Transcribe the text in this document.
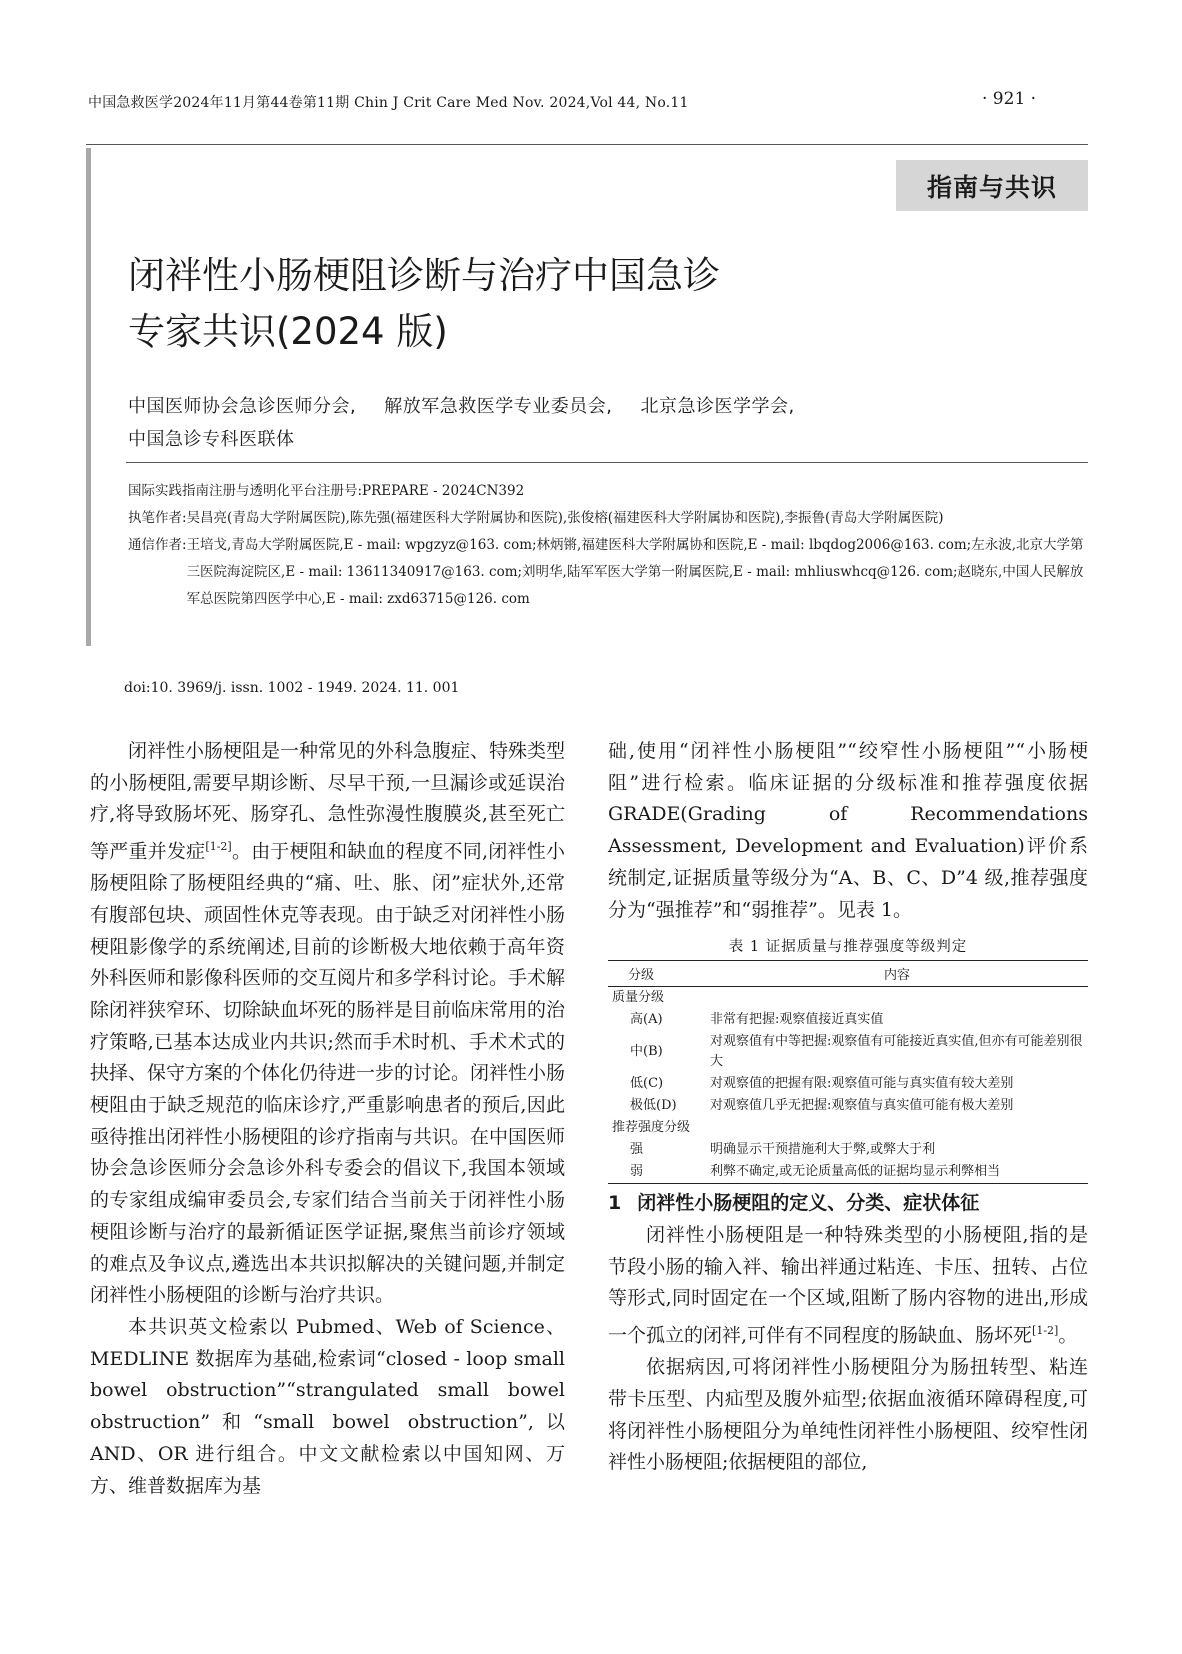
中国急救医学2024年11月第44卷第11期 Chin J Crit Care Med Nov. 2024,Vol 44, No.11	· 921 ·
指南与共识
闭袢性小肠梗阻诊断与治疗中国急诊
专家共识(2024 版)
中国医师协会急诊医师分会, 解放军急救医学专业委员会, 北京急诊医学学会,
中国急诊专科医联体
国际实践指南注册与透明化平台注册号:PREPARE - 2024CN392
执笔作者: 吴昌亮(青岛大学附属医院),陈先强(福建医科大学附属协和医院),张俊榕(福建医科大学附属协和医院),李振鲁(青岛大学附属医院)
通信作者: 王培戈,青岛大学附属医院,E - mail: wpgzyz@163. com;林炳锵,福建医科大学附属协和医院,E - mail: lbqdog2006@163. com;左永波,北京大学第三医院海淀院区,E - mail: 13611340917@163. com;刘明华,陆军军医大学第一附属医院,E - mail: mhliuswhcq@126. com;赵晓东,中国人民解放军总医院第四医学中心,E - mail: zxd63715@126. com
doi:10. 3969/j. issn. 1002 - 1949. 2024. 11. 001

闭袢性小肠梗阻是一种常见的外科急腹症、特殊类型的小肠梗阻,需要早期诊断、尽早干预,一旦漏诊或延误治疗,将导致肠坏死、肠穿孔、急性弥漫性腹膜炎,甚至死亡等严重并发症[1-2]。由于梗阻和缺血的程度不同,闭袢性小肠梗阻除了肠梗阻经典的“痛、吐、胀、闭”症状外,还常有腹部包块、顽固性休克等表现。由于缺乏对闭袢性小肠梗阻影像学的系统阐述,目前的诊断极大地依赖于高年资外科医师和影像科医师的交互阅片和多学科讨论。手术解除闭袢狭窄环、切除缺血坏死的肠袢是目前临床常用的治疗策略,已基本达成业内共识;然而手术时机、手术术式的抉择、保守方案的个体化仍待进一步的讨论。闭袢性小肠梗阻由于缺乏规范的临床诊疗,严重影响患者的预后,因此亟待推出闭袢性小肠梗阻的诊疗指南与共识。在中国医师协会急诊医师分会急诊外科专委会的倡议下,我国本领域的专家组成编审委员会,专家们结合当前关于闭袢性小肠梗阻诊断与治疗的最新循证医学证据,聚焦当前诊疗领域的难点及争议点,遴选出本共识拟解决的关键问题,并制定闭袢性小肠梗阻的诊断与治疗共识。

本共识英文检索以 Pubmed、Web of Science、MEDLINE 数据库为基础,检索词“closed - loop small bowel obstruction”“strangulated small bowel obstruction”和“small bowel obstruction”,以 AND、OR 进行组合。中文文献检索以中国知网、万方、维普数据库为基

础,使用“闭袢性小肠梗阻”“绞窄性小肠梗阻”“小肠梗阻”进行检索。临床证据的分级标准和推荐强度依据 GRADE(Grading of Recommendations Assessment, Development and Evaluation)评价系统制定,证据质量等级分为“A、B、C、D”4 级,推荐强度分为“强推荐”和“弱推荐”。见表 1。

表 1 证据质量与推荐强度等级判定
分级	内容
质量分级	
高(A)	非常有把握:观察值接近真实值
中(B)	对观察值有中等把握:观察值有可能接近真实值,但亦有可能差别很大
低(C)	对观察值的把握有限:观察值可能与真实值有较大差别
极低(D)	对观察值几乎无把握:观察值与真实值可能有极大差别
推荐强度分级	
强	明确显示干预措施利大于弊,或弊大于利
弱	利弊不确定,或无论质量高低的证据均显示利弊相当
1 闭袢性小肠梗阻的定义、分类、症状体征

闭袢性小肠梗阻是一种特殊类型的小肠梗阻,指的是节段小肠的输入袢、输出袢通过粘连、卡压、扭转、占位等形式,同时固定在一个区域,阻断了肠内容物的进出,形成一个孤立的闭袢,可伴有不同程度的肠缺血、肠坏死[1-2]。

依据病因,可将闭袢性小肠梗阻分为肠扭转型、粘连带卡压型、内疝型及腹外疝型;依据血液循环障碍程度,可将闭袢性小肠梗阻分为单纯性闭袢性小肠梗阻、绞窄性闭袢性小肠梗阻;依据梗阻的部位,
